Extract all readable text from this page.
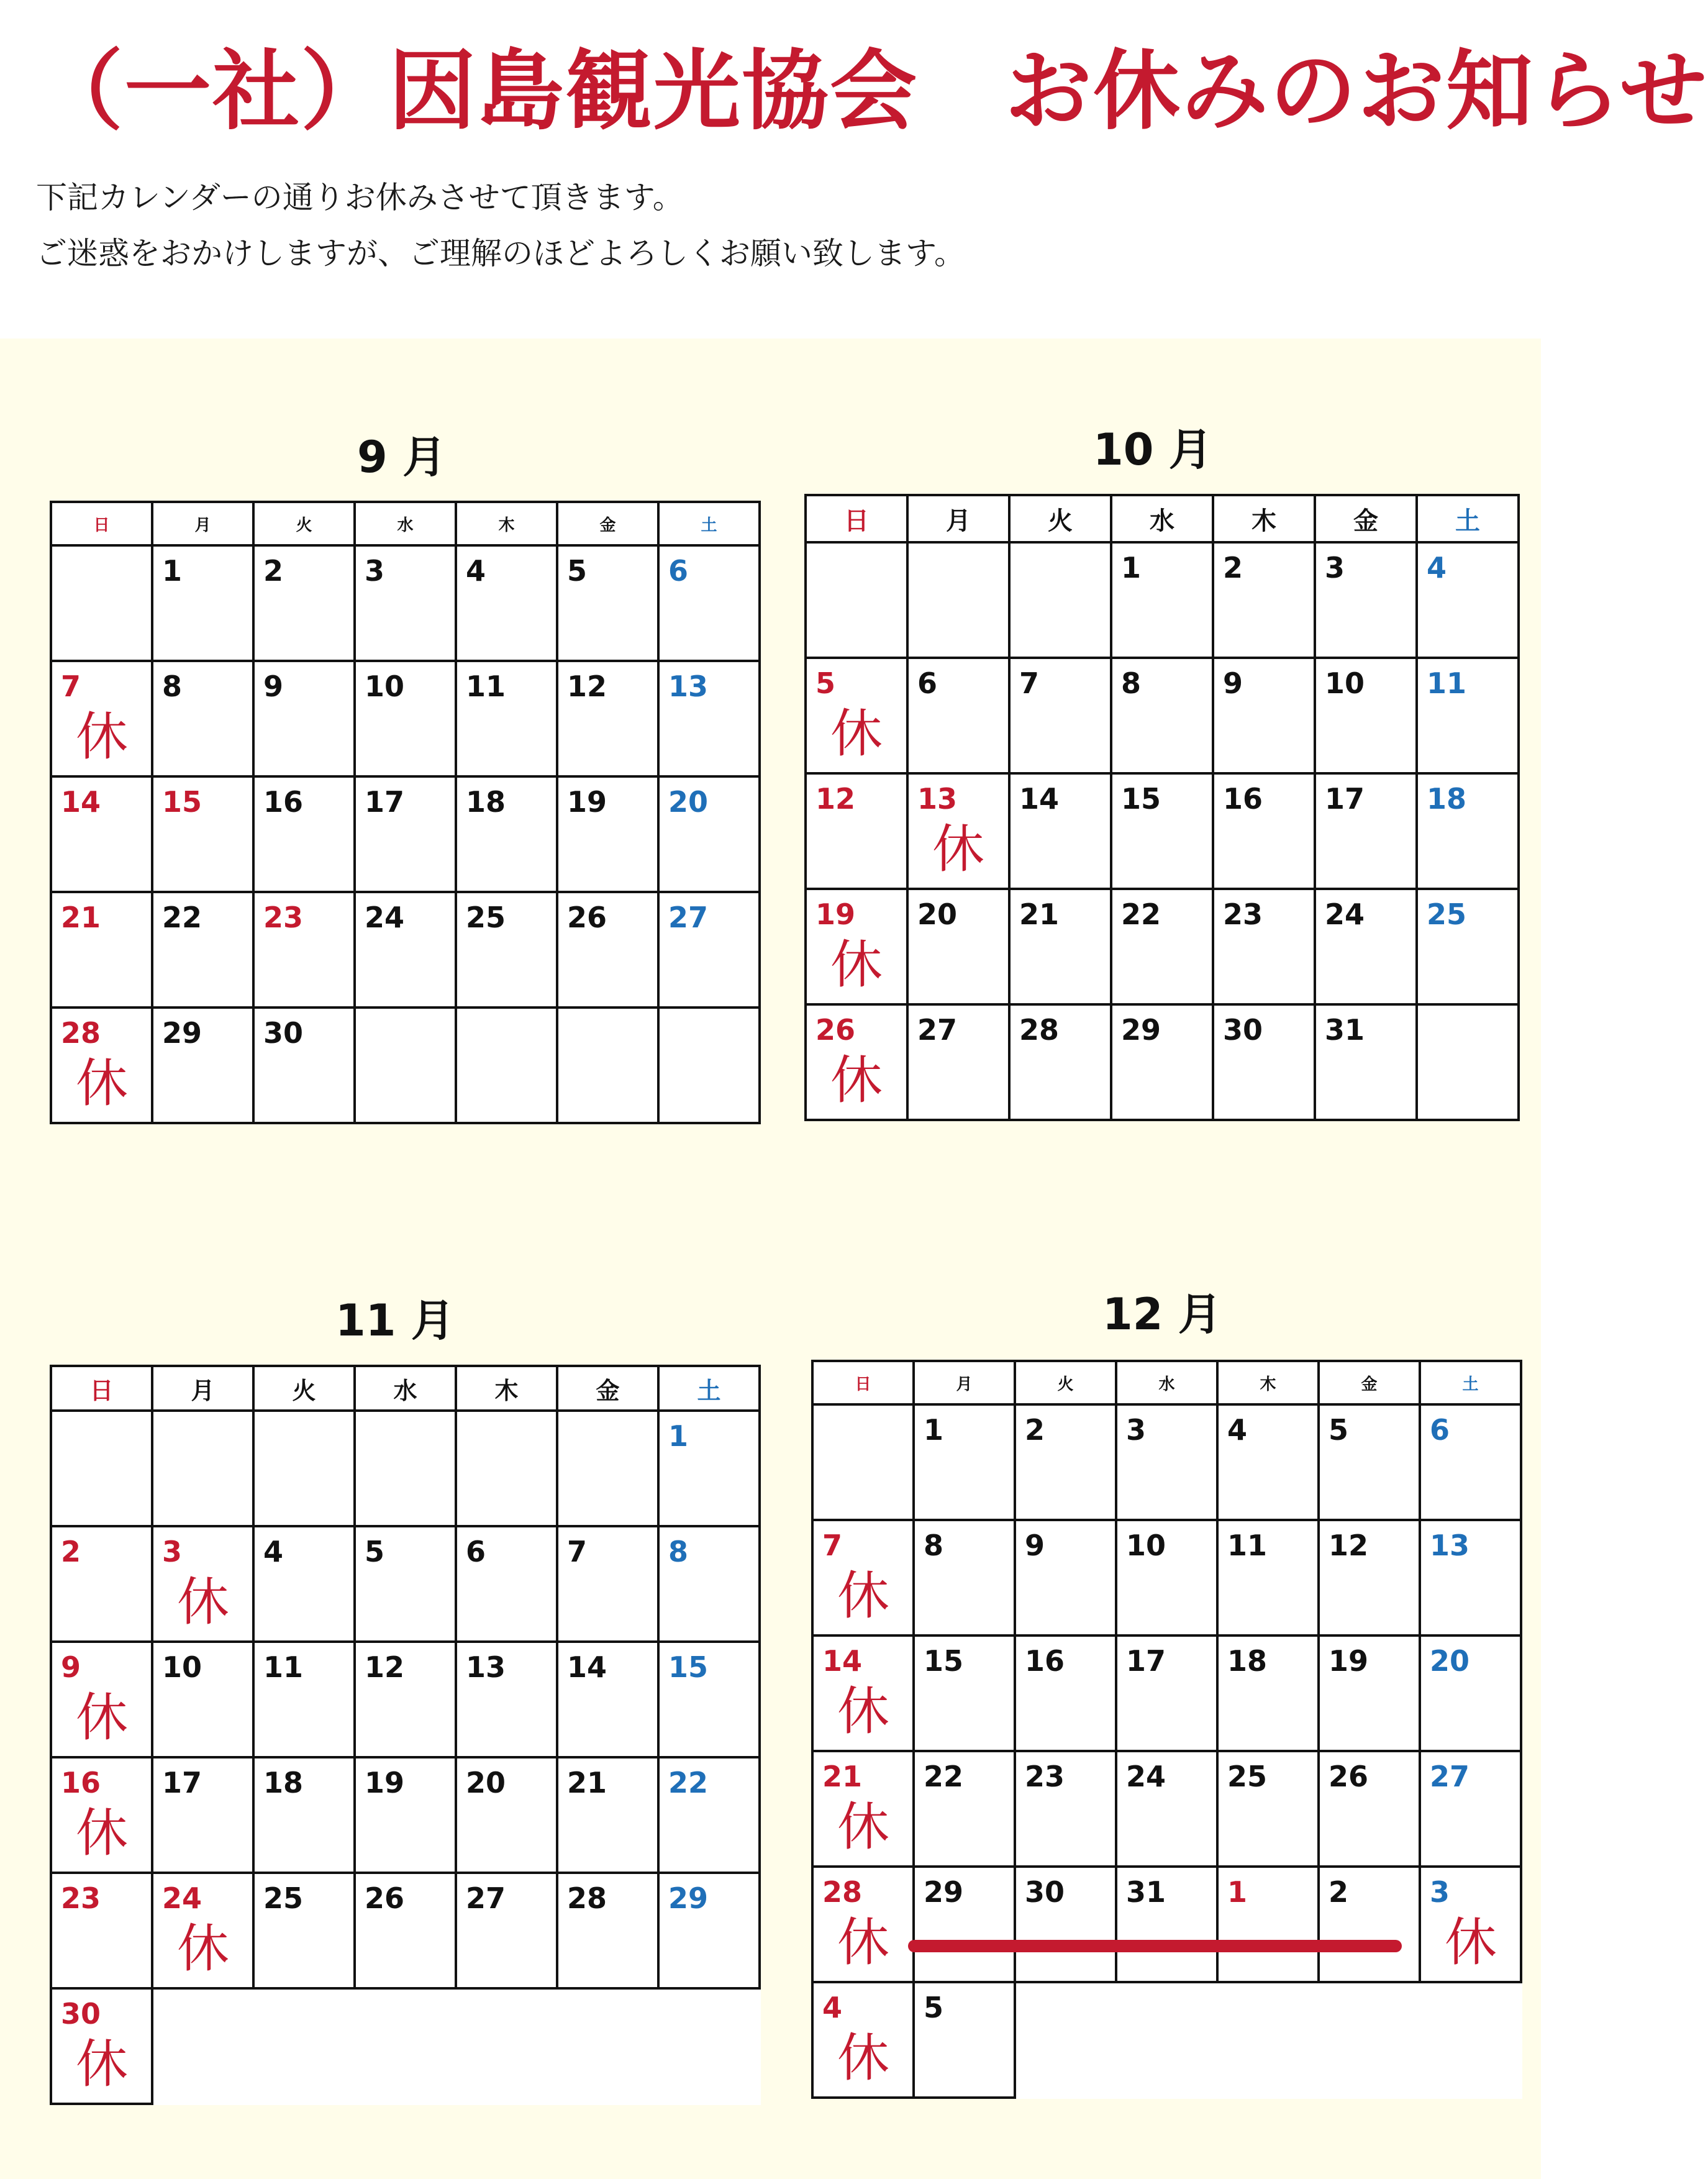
（一社）因島観光協会 お休みのお知らせ
下記カレンダーの通りお休みさせて頂きます。
ご迷惑をおかけしますが、ご理解のほどよろしくお願い致します。
9 月
日	月	火	水	木	金	土

	1	2	3	4	5	6

7
休	8	9	10	11	12	13

14	15	16	17	18	19	20

21	22	23	24	25	26	27

28
休	29	30				

10 月
日	月	火	水	木	金	土

			1	2	3	4

5
休	6	7	8	9	10	11

12	13
休	14	15	16	17	18

19
休	20	21	22	23	24	25

26
休	27	28	29	30	31	

11 月
日	月	火	水	木	金	土

						1

2	3
休	4	5	6	7	8

9
休	10	11	12	13	14	15

16
休	17	18	19	20	21	22

23	24
休	25	26	27	28	29

30
休						

12 月
日	月	火	水	木	金	土

	1	2	3	4	5	6

7
休	8	9	10	11	12	13

14
休	15	16	17	18	19	20

21
休	22	23	24	25	26	27

28
休	29	30	31	1	2	3
休

4
休	5					
